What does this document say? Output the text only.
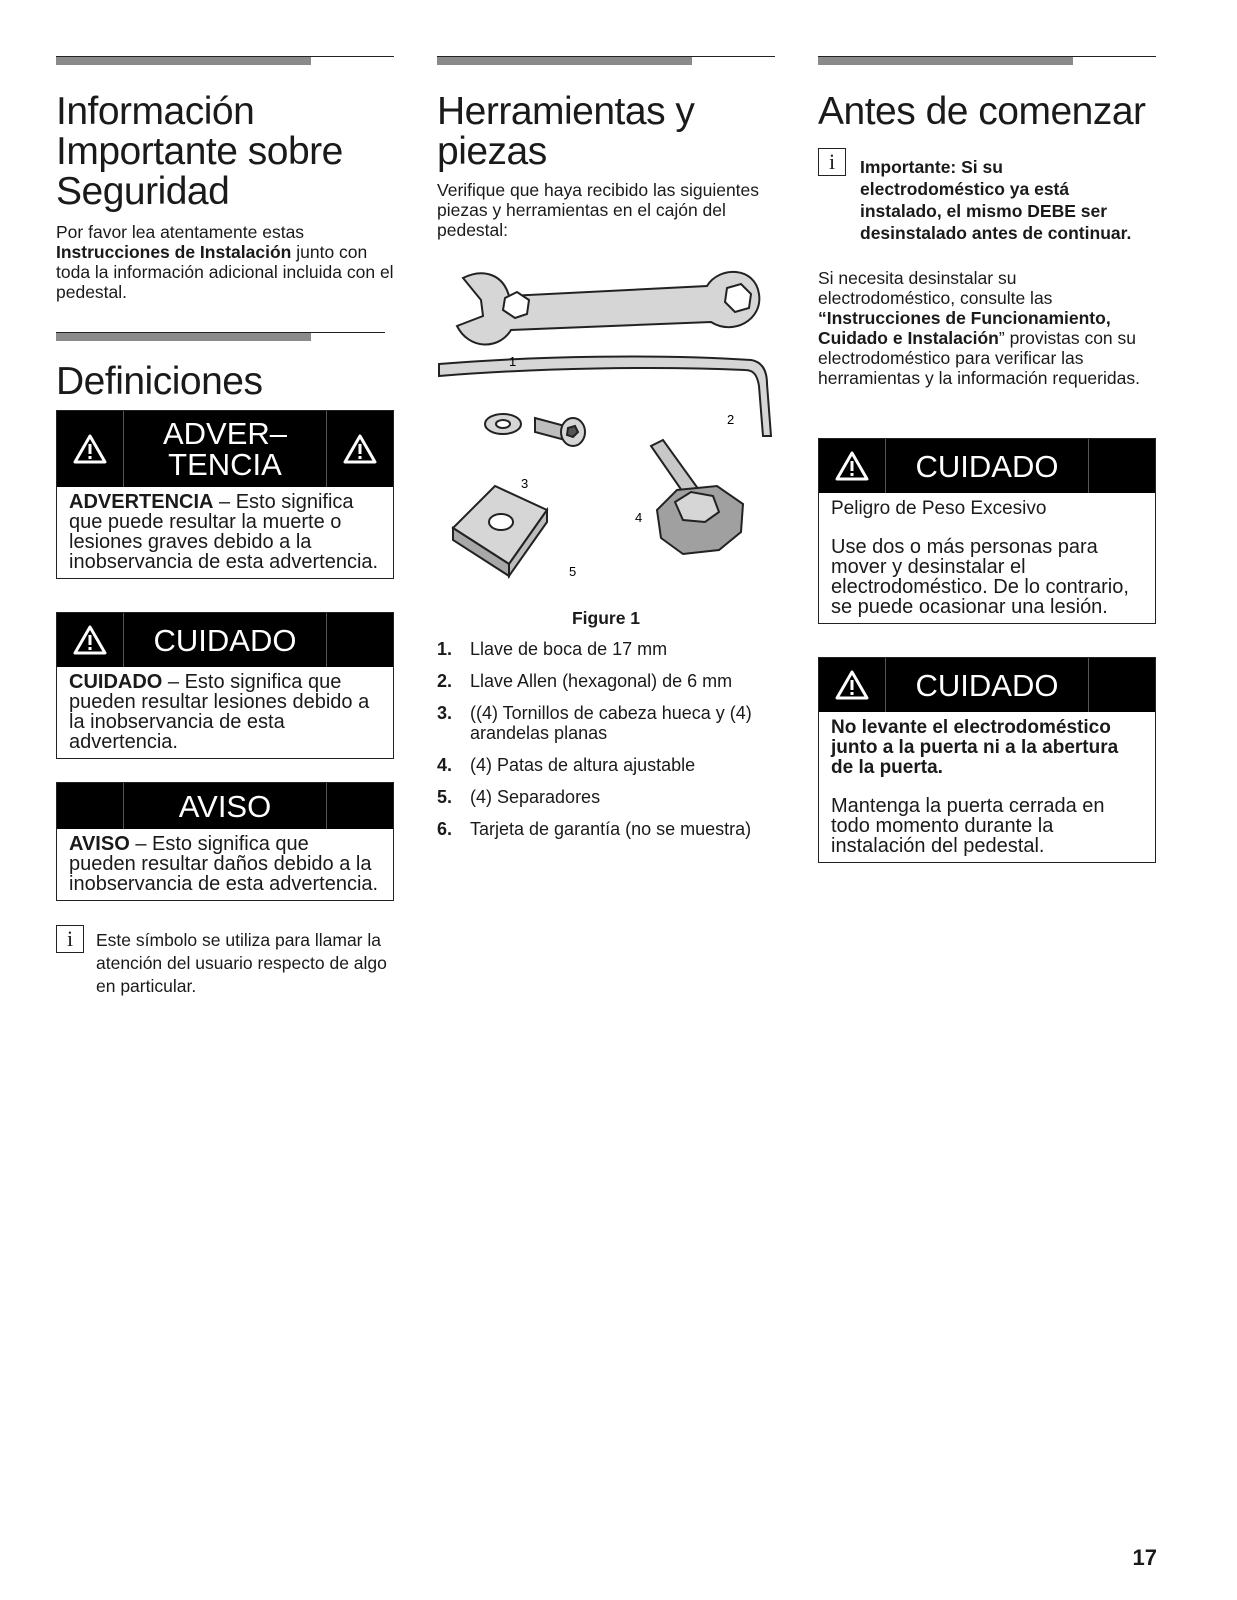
Información Importante sobre Seguridad

Por favor lea atentamente estas Instrucciones de Instalación junto con toda la información adicional incluida con el pedestal.

Definiciones
ADVER–
TENCIA
ADVERTENCIA – Esto significa que puede resultar la muerte o lesiones graves debido a la inobservancia de esta advertencia.
CUIDADO
CUIDADO – Esto significa que pueden resultar lesiones debido a la inobservancia de esta advertencia.
AVISO
AVISO – Esto significa que pueden resultar daños debido a la inobservancia de esta advertencia.
i	Este símbolo se utiliza para llamar la atención del usuario respecto de algo en particular.
Herramientas y piezas

Verifique que haya recibido las siguientes piezas y herramientas en el cajón del pedestal:

1
2
3
4
5
Figure 1
1. Llave de boca de 17 mm
2. Llave Allen (hexagonal) de 6 mm
3. ((4) Tornillos de cabeza hueca y (4) arandelas planas
4. (4) Patas de altura ajustable
5. (4) Separadores
6. Tarjeta de garantía (no se muestra)
Antes de comenzar
i	Importante: Si su electrodoméstico ya está instalado, el mismo DEBE ser desinstalado antes de continuar.

Si necesita desinstalar su electrodoméstico, consulte las “Instrucciones de Funcionamiento, Cuidado e Instalación” provistas con su electrodoméstico para verificar las herramientas y la información requeridas.

CUIDADO
Peligro de Peso Excesivo
Use dos o más personas para mover y desinstalar el electrodoméstico. De lo contrario, se puede ocasionar una lesión.
CUIDADO
No levante el electrodoméstico junto a la puerta ni a la abertura de la puerta.
Mantenga la puerta cerrada en todo momento durante la instalación del pedestal.
17
